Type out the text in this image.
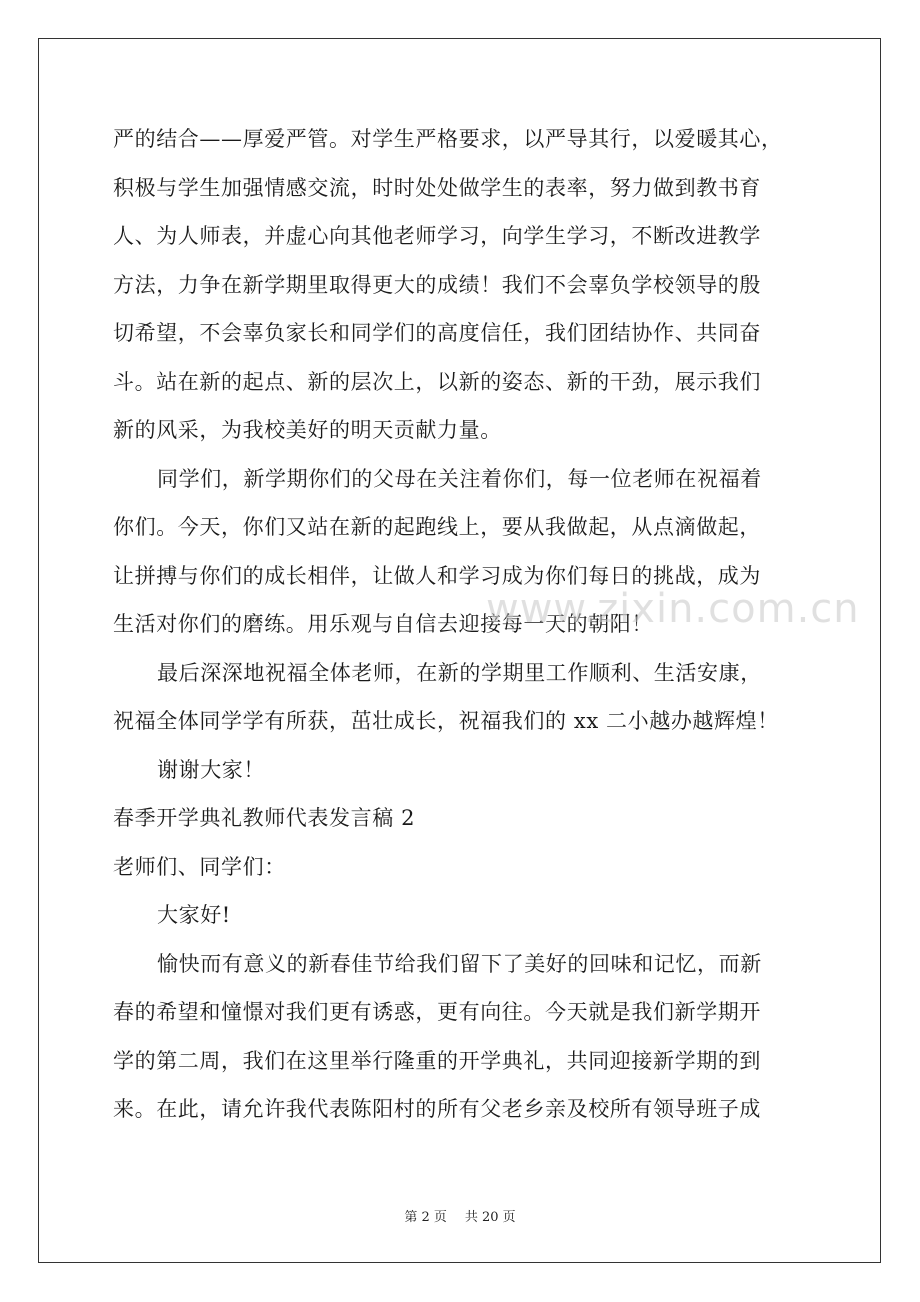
严的结合——厚爱严管。对学生严格要求，以严导其行，以爱暖其心，
积极与学生加强情感交流，时时处处做学生的表率，努力做到教书育
人、为人师表，并虚心向其他老师学习，向学生学习，不断改进教学
方法，力争在新学期里取得更大的成绩！我们不会辜负学校领导的殷
切希望，不会辜负家长和同学们的高度信任，我们团结协作、共同奋
斗。站在新的起点、新的层次上，以新的姿态、新的干劲，展示我们
新的风采，为我校美好的明天贡献力量。
同学们，新学期你们的父母在关注着你们，每一位老师在祝福着
你们。今天，你们又站在新的起跑线上，要从我做起，从点滴做起，
让拼搏与你们的成长相伴，让做人和学习成为你们每日的挑战，成为
生活对你们的磨练。用乐观与自信去迎接每一天的朝阳！
最后深深地祝福全体老师，在新的学期里工作顺利、生活安康，
祝福全体同学学有所获，茁壮成长，祝福我们的 xx 二小越办越辉煌！
谢谢大家！
春季开学典礼教师代表发言稿 2
老师们、同学们：
大家好!
愉快而有意义的新春佳节给我们留下了美好的回味和记忆，而新
春的希望和憧憬对我们更有诱惑，更有向往。今天就是我们新学期开
学的第二周，我们在这里举行隆重的开学典礼，共同迎接新学期的到
来。在此，请允许我代表陈阳村的所有父老乡亲及校所有领导班子成
www.zixin.com.cn
第 2 页 共 20 页
